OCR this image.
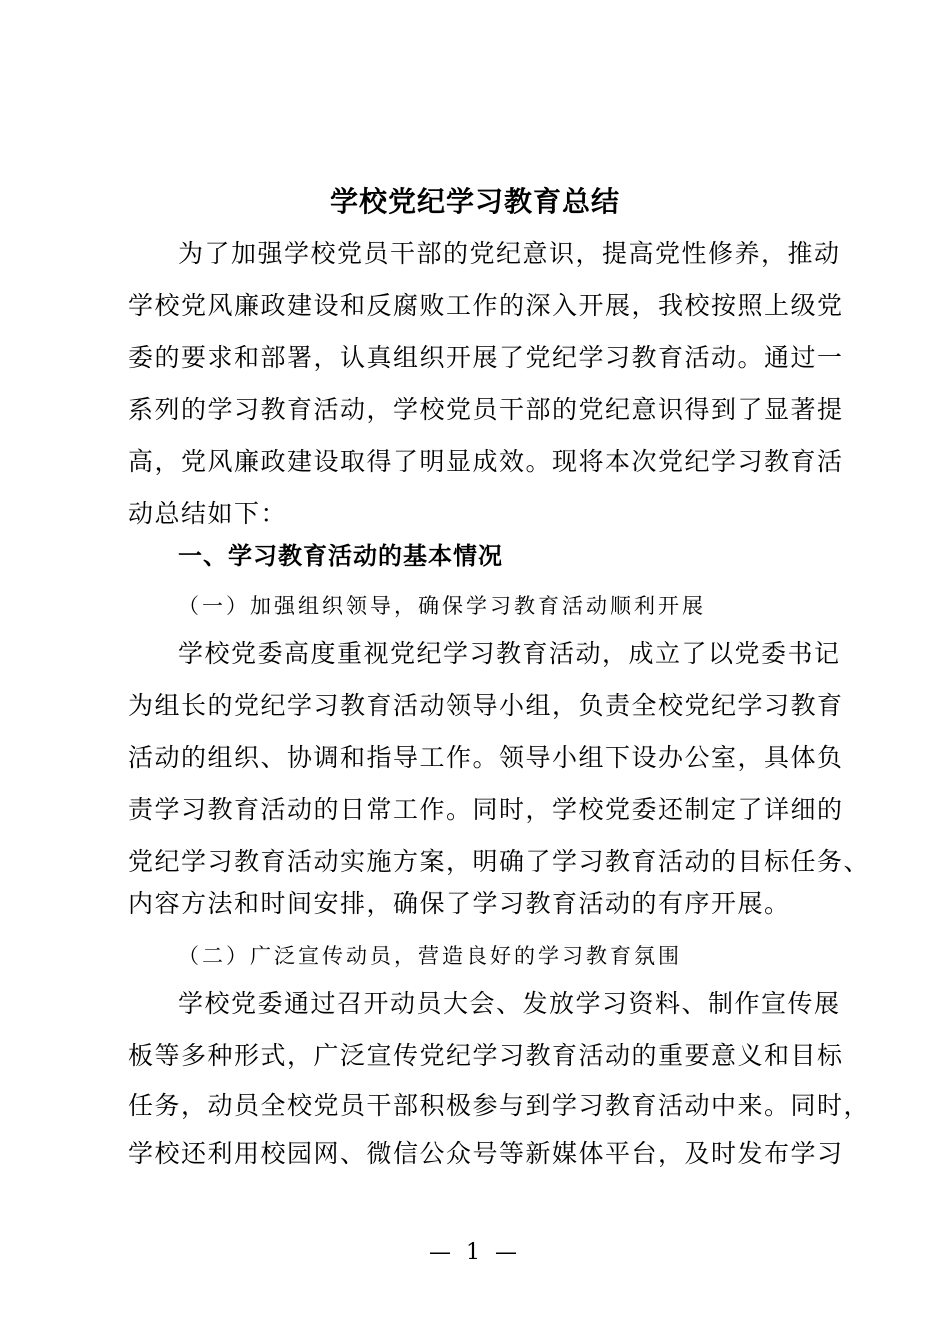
学校党纪学习教育总结
为了加强学校党员干部的党纪意识，提高党性修养，推动
学校党风廉政建设和反腐败工作的深入开展，我校按照上级党
委的要求和部署，认真组织开展了党纪学习教育活动。通过一
系列的学习教育活动，学校党员干部的党纪意识得到了显著提
高，党风廉政建设取得了明显成效。现将本次党纪学习教育活
动总结如下：
一、学习教育活动的基本情况
（一）加强组织领导，确保学习教育活动顺利开展
学校党委高度重视党纪学习教育活动，成立了以党委书记
为组长的党纪学习教育活动领导小组，负责全校党纪学习教育
活动的组织、协调和指导工作。领导小组下设办公室，具体负
责学习教育活动的日常工作。同时，学校党委还制定了详细的
党纪学习教育活动实施方案，明确了学习教育活动的目标任务、
内容方法和时间安排，确保了学习教育活动的有序开展。
（二）广泛宣传动员，营造良好的学习教育氛围
学校党委通过召开动员大会、发放学习资料、制作宣传展
板等多种形式，广泛宣传党纪学习教育活动的重要意义和目标
任务，动员全校党员干部积极参与到学习教育活动中来。同时，
学校还利用校园网、微信公众号等新媒体平台，及时发布学习
— 1 —
